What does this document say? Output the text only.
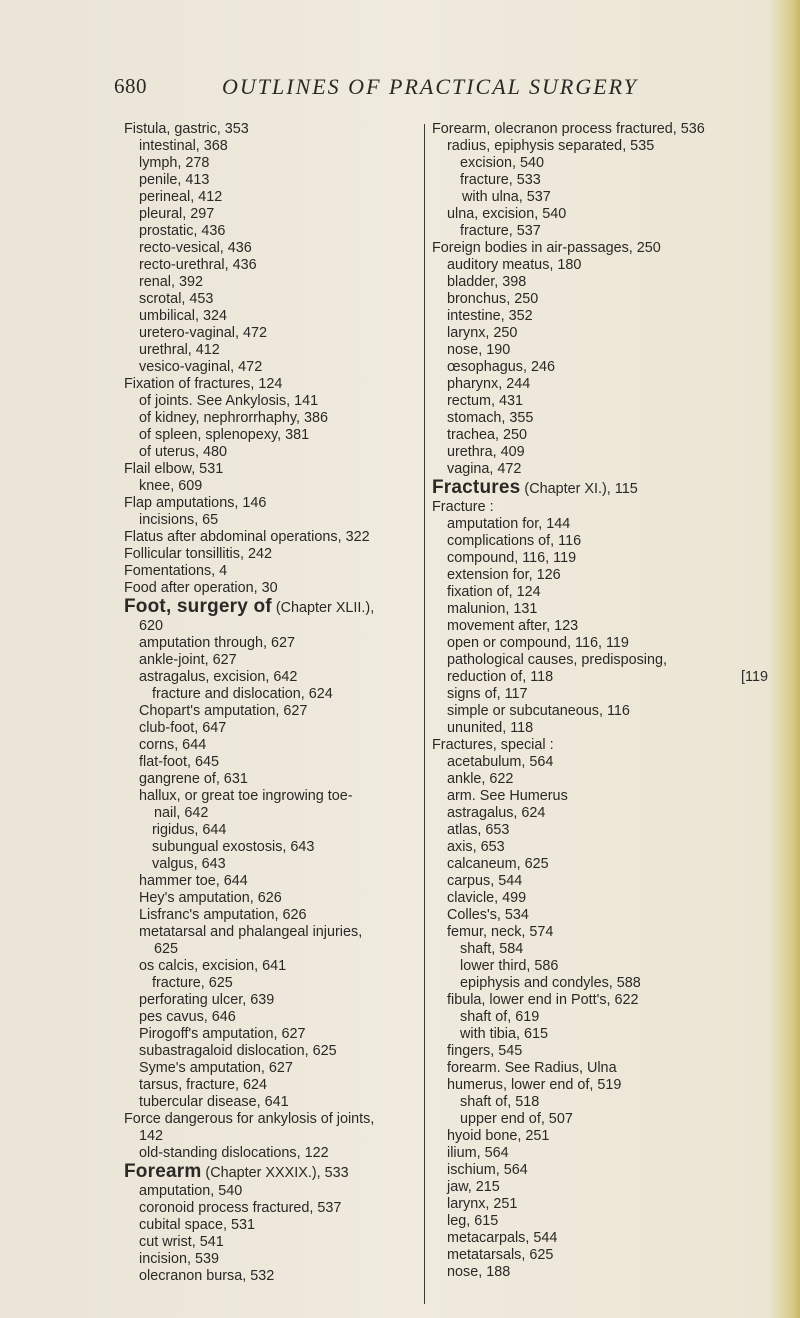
680	OUTLINES OF PRACTICAL SURGERY
Fistula, gastric, 353
intestinal, 368
lymph, 278
penile, 413
perineal, 412
pleural, 297
prostatic, 436
recto-vesical, 436
recto-urethral, 436
renal, 392
scrotal, 453
umbilical, 324
uretero-vaginal, 472
urethral, 412
vesico-vaginal, 472
Fixation of fractures, 124
of joints. See Ankylosis, 141
of kidney, nephrorrhaphy, 386
of spleen, splenopexy, 381
of uterus, 480
Flail elbow, 531
knee, 609
Flap amputations, 146
incisions, 65
Flatus after abdominal operations, 322
Follicular tonsillitis, 242
Fomentations, 4
Food after operation, 30
Foot, surgery of (Chapter XLII.),
620
amputation through, 627
ankle-joint, 627
astragalus, excision, 642
fracture and dislocation, 624
Chopart's amputation, 627
club-foot, 647
corns, 644
flat-foot, 645
gangrene of, 631
hallux, or great toe ingrowing toe-
nail, 642
rigidus, 644
subungual exostosis, 643
valgus, 643
hammer toe, 644
Hey's amputation, 626
Lisfranc's amputation, 626
metatarsal and phalangeal injuries,
625
os calcis, excision, 641
fracture, 625
perforating ulcer, 639
pes cavus, 646
Pirogoff's amputation, 627
subastragaloid dislocation, 625
Syme's amputation, 627
tarsus, fracture, 624
tubercular disease, 641
Force dangerous for ankylosis of joints,
142
old-standing dislocations, 122
Forearm (Chapter XXXIX.), 533
amputation, 540
coronoid process fractured, 537
cubital space, 531
cut wrist, 541
incision, 539
olecranon bursa, 532
Forearm, olecranon process fractured, 536
radius, epiphysis separated, 535
excision, 540
fracture, 533
with ulna, 537
ulna, excision, 540
fracture, 537
Foreign bodies in air-passages, 250
auditory meatus, 180
bladder, 398
bronchus, 250
intestine, 352
larynx, 250
nose, 190
œsophagus, 246
pharynx, 244
rectum, 431
stomach, 355
trachea, 250
urethra, 409
vagina, 472
Fractures (Chapter XI.), 115
Fracture :
amputation for, 144
complications of, 116
compound, 116, 119
extension for, 126
fixation of, 124
malunion, 131
movement after, 123
open or compound, 116, 119
pathological causes, predisposing,
reduction of, 118	[119
signs of, 117
simple or subcutaneous, 116
ununited, 118
Fractures, special :
acetabulum, 564
ankle, 622
arm. See Humerus
astragalus, 624
atlas, 653
axis, 653
calcaneum, 625
carpus, 544
clavicle, 499
Colles's, 534
femur, neck, 574
shaft, 584
lower third, 586
epiphysis and condyles, 588
fibula, lower end in Pott's, 622
shaft of, 619
with tibia, 615
fingers, 545
forearm. See Radius, Ulna
humerus, lower end of, 519
shaft of, 518
upper end of, 507
hyoid bone, 251
ilium, 564
ischium, 564
jaw, 215
larynx, 251
leg, 615
metacarpals, 544
metatarsals, 625
nose, 188
